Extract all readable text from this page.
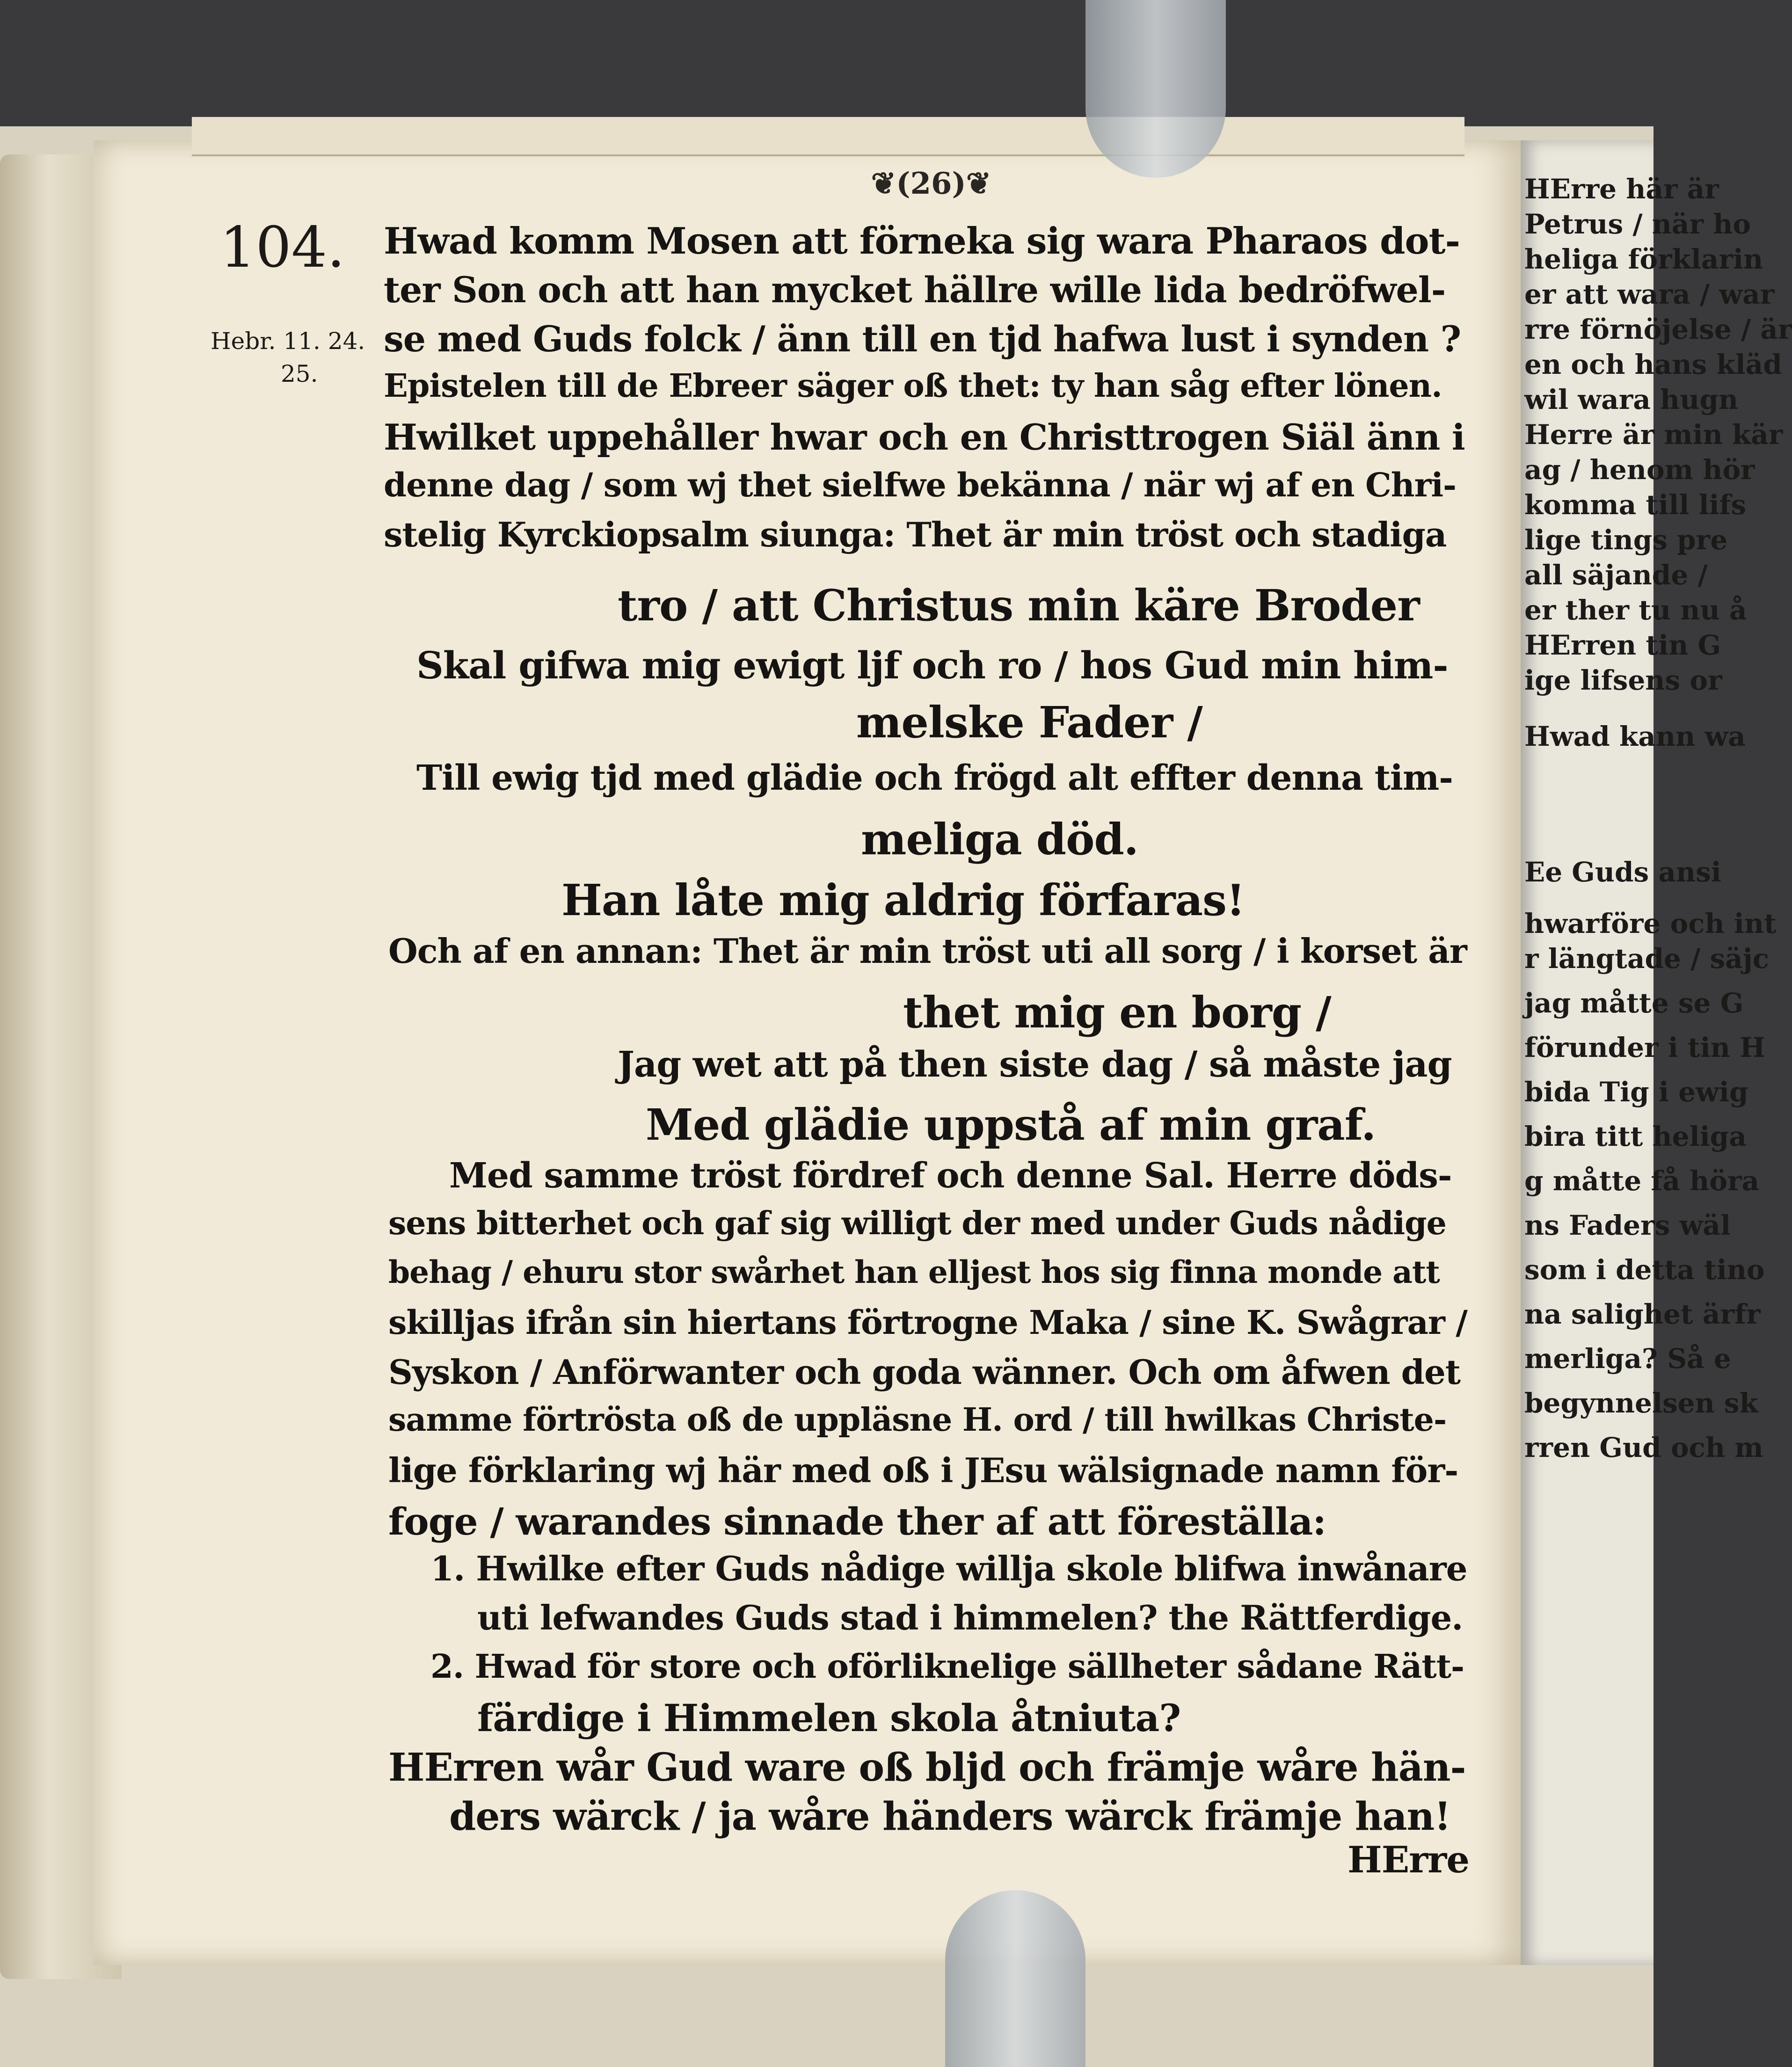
❦(26)❦
104.
Hebr. 11. 24.
25.
Hwad komm Mosen att förneka sig wara Pharaos dot-
ter Son och att han mycket hällre wille lida bedröfwel-
se med Guds folck / änn till en tjd hafwa lust i synden ?
Epistelen till de Ebreer säger oß thet: ty han såg efter lönen.
Hwilket uppehåller hwar och en Christtrogen Siäl änn i
denne dag / som wj thet sielfwe bekänna / när wj af en Chri-
stelig Kyrckiopsalm siunga: Thet är min tröst och stadiga
tro / att Christus min käre Broder
Skal gifwa mig ewigt ljf och ro / hos Gud min him-
melske Fader /
Till ewig tjd med glädie och frögd alt effter denna tim-
meliga död.
Han låte mig aldrig förfaras!
Och af en annan: Thet är min tröst uti all sorg / i korset är
thet mig en borg /
Jag wet att på then siste dag / så måste jag
Med glädie uppstå af min graf.
Med samme tröst fördref och denne Sal. Herre döds-
sens bitterhet och gaf sig willigt der med under Guds nådige
behag / ehuru stor swårhet han elljest hos sig finna monde att
skilljas ifrån sin hiertans förtrogne Maka / sine K. Swågrar /
Syskon / Anförwanter och goda wänner. Och om åfwen det
samme förtrösta oß de uppläsne H. ord / till hwilkas Christe-
lige förklaring wj här med oß i JEsu wälsignade namn för-
foge / warandes sinnade ther af att föreställa:
1. Hwilke efter Guds nådige willja skole blifwa inwånare
uti lefwandes Guds stad i himmelen? the Rättferdige.
2. Hwad för store och oförliknelige sällheter sådane Rätt-
färdige i Himmelen skola åtniuta?
HErren wår Gud ware oß bljd och främje wåre hän-
ders wärck / ja wåre händers wärck främje han!
HErre
HErre här är
Petrus / när ho
heliga förklarin
er att wara / war
rre förnöjelse / är
en och hans kläd
wil wara hugn
Herre är min kär
ag / henom hör
komma till lifs
lige tings pre
all säjande /
er ther tu nu å
HErren tin G
ige lifsens or
Hwad kann wa
Ee Guds ansi
hwarföre och int
r längtade / säjc
jag måtte se G
förunder i tin H
bida Tig i ewig
bira titt heliga
g måtte få höra
ns Faders wäl
som i detta tino
na salighet ärfr
merliga? Så e
begynnelsen sk
rren Gud och m
